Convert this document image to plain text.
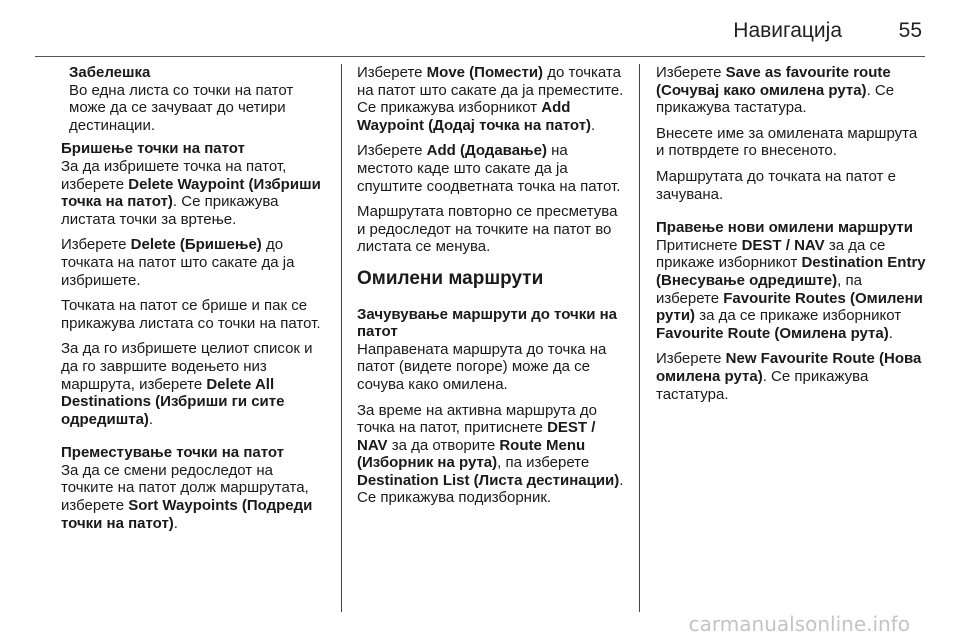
Навигација	55
Забелешка
Во една листа со точки на патот може да се зачуваат до четири дестинации.
Бришење точки на патот
За да избришете точка на патот, изберете Delete Waypoint (Избриши точка на патот). Се прикажува листата точки за вртење.
Изберете Delete (Бришење) до точката на патот што сакате да ја избришете.
Точката на патот се брише и пак се прикажува листата со точки на патот.
За да го избришете целиот список и да го завршите водењето низ маршрута, изберете Delete All Destinations (Избриши ги сите одредишта).
Преместување точки на патот
За да се смени редоследот на точките на патот долж маршрутата, изберете Sort Waypoints (Подреди точки на патот).
Изберете Move (Помести) до точката на патот што сакате да ја преместите. Се прикажува изборникот Add Waypoint (Додај точка на патот).
Изберете Add (Додавање) на местото каде што сакате да ја спуштите соодветната точка на патот.
Маршрутата повторно се пресметува и редоследот на точките на патот во листата се менува.
Омилени маршрути
Зачувување маршрути до точки на патот
Направената маршрута до точка на патот (видете погоре) може да се сочува како омилена.
За време на активна маршрута до точка на патот, притиснете DEST / NAV за да отворите Route Menu (Изборник на рута), па изберете Destination List (Листа дестинации). Се прикажува подизборник.
Изберете Save as favourite route (Сочувај како омилена рута). Се прикажува тастатура.
Внесете име за омилената маршрута и потврдете го внесеното.
Маршрутата до точката на патот е зачувана.
Правење нови омилени маршрути
Притиснете DEST / NAV за да се прикаже изборникот Destination Entry (Внесување одредиште), па изберете Favourite Routes (Омилени рути) за да се прикаже изборникот Favourite Route (Омилена рута).
Изберете New Favourite Route (Нова омилена рута). Се прикажува тастатура.
carmanualsonline.info
